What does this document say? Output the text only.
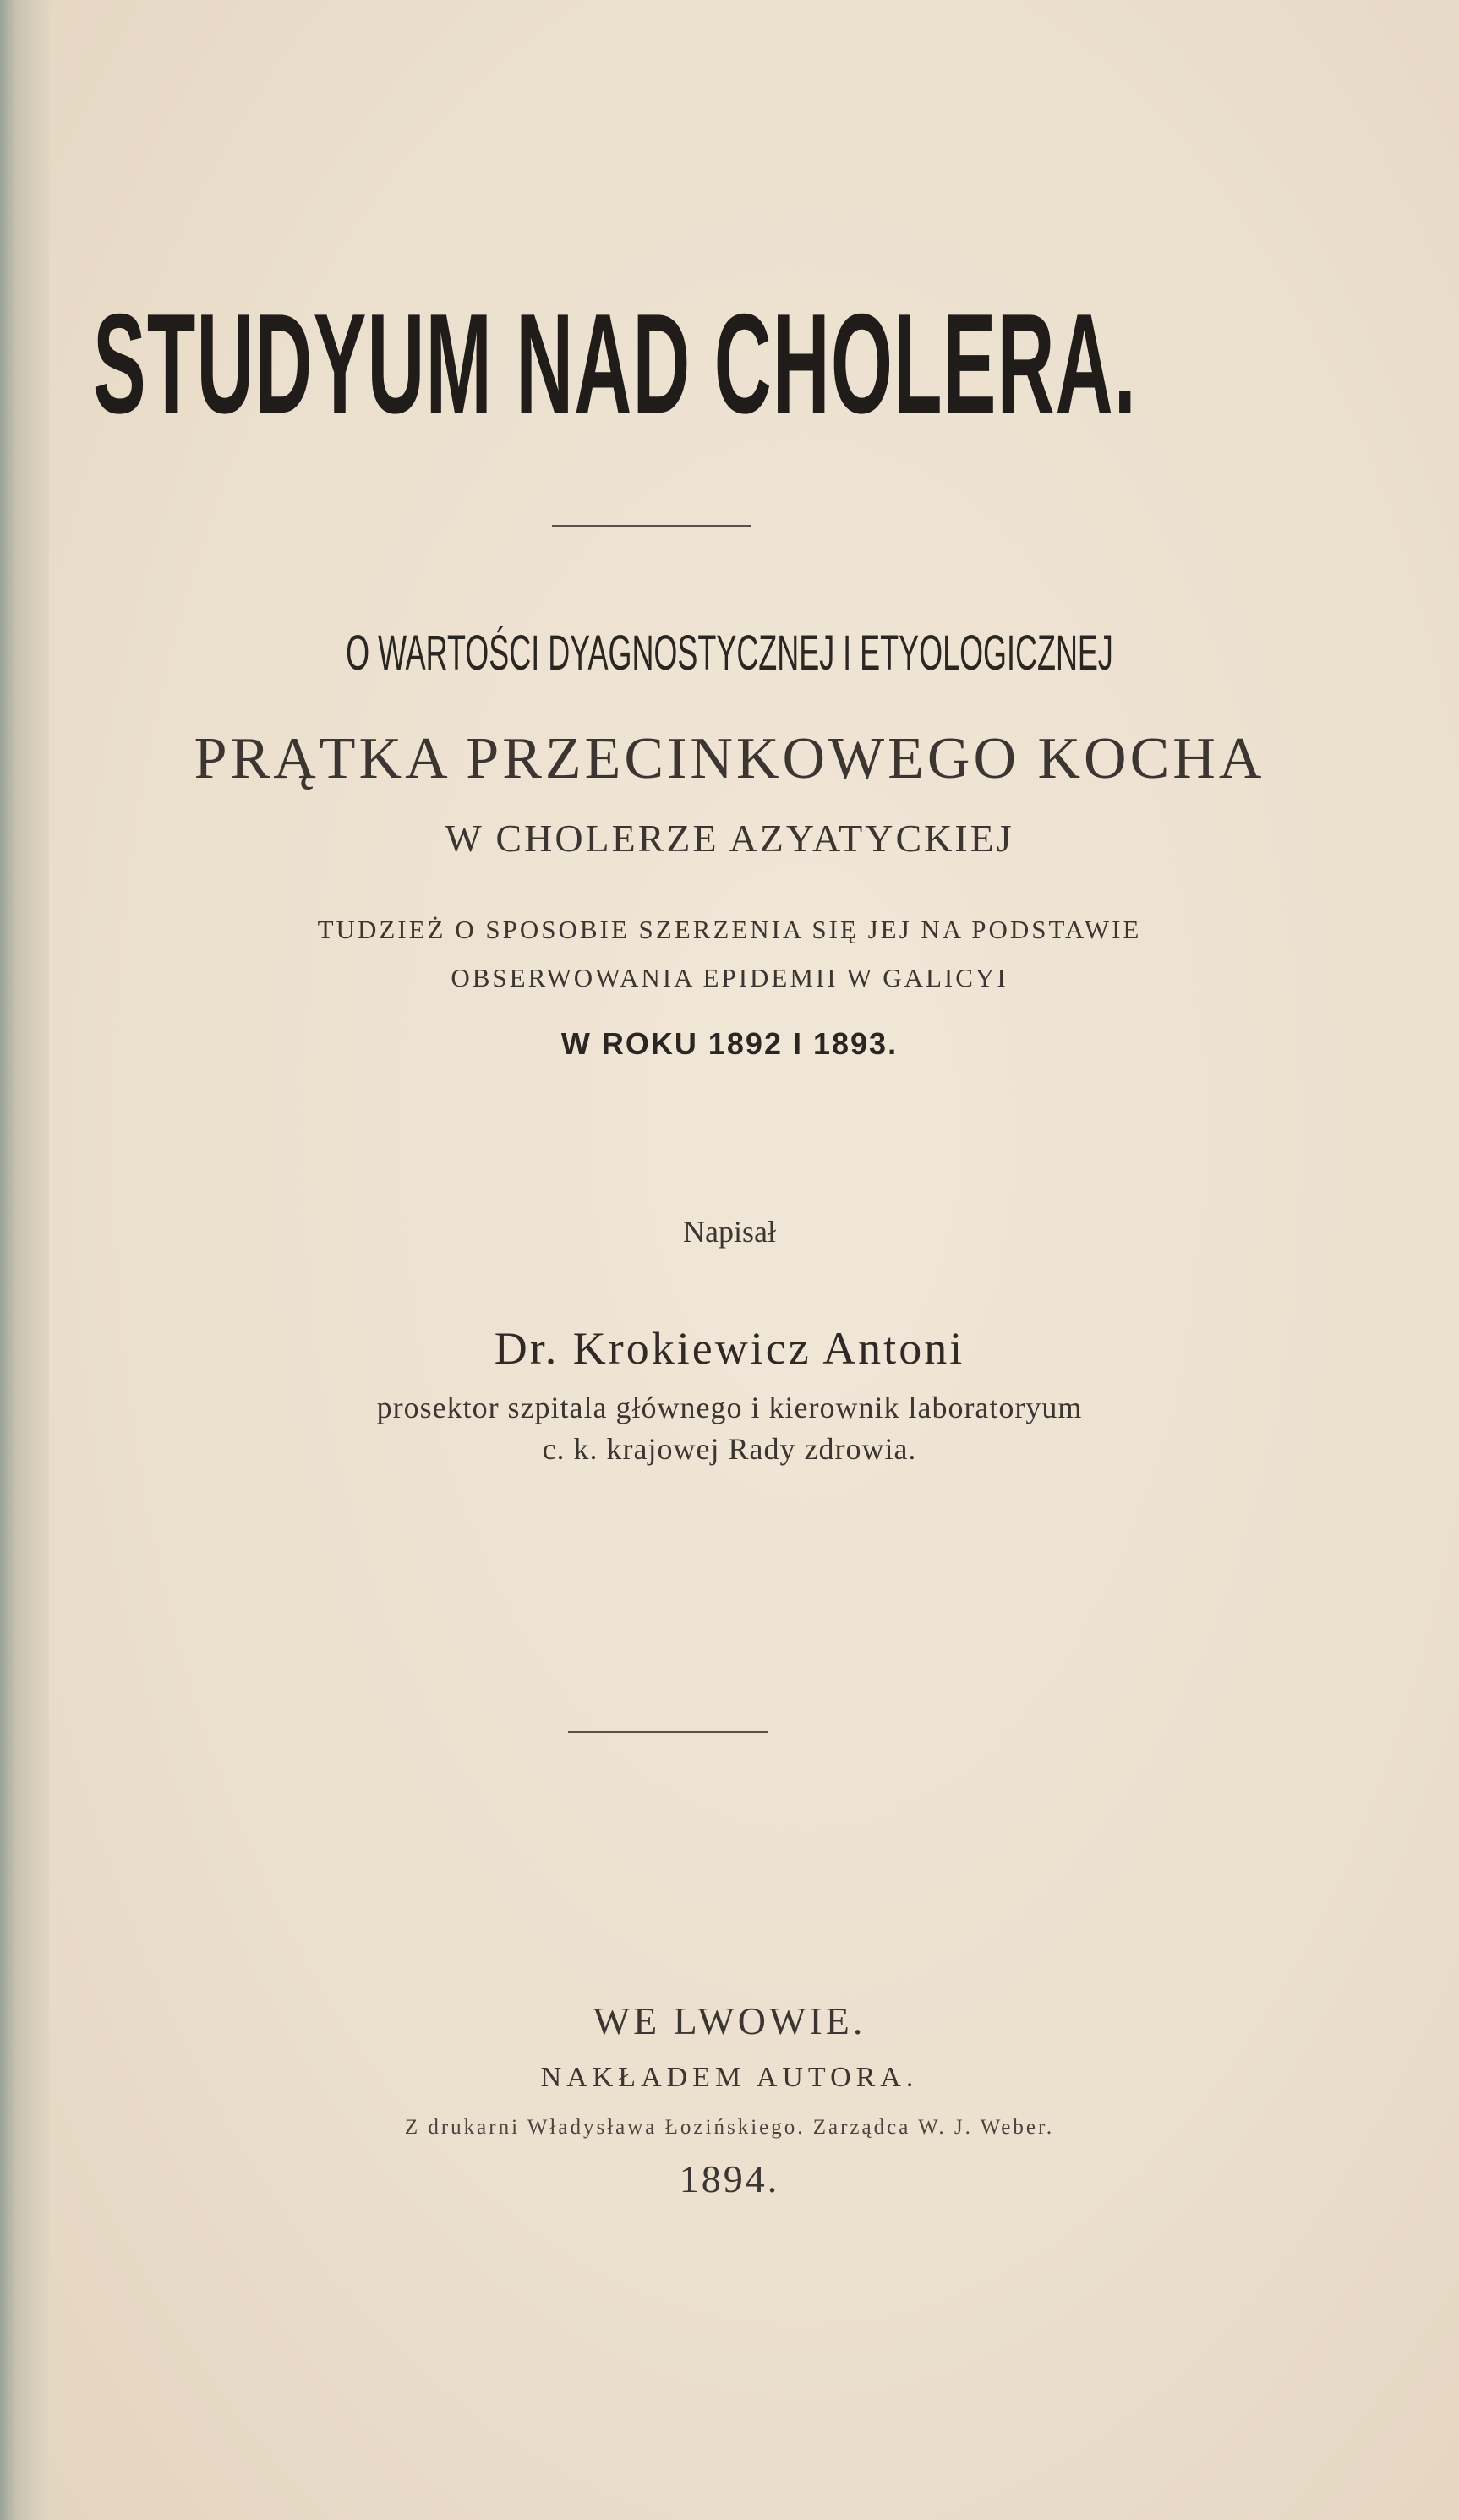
STUDYUM NAD CHOLERA.
O WARTOŚCI DYAGNOSTYCZNEJ I ETYOLOGICZNEJ
PRĄTKA PRZECINKOWEGO KOCHA
W CHOLERZE AZYATYCKIEJ
TUDZIEŻ O SPOSOBIE SZERZENIA SIĘ JEJ NA PODSTAWIE
OBSERWOWANIA EPIDEMII W GALICYI
W ROKU 1892 I 1893.
Napisał
Dr. Krokiewicz Antoni
prosektor szpitala głównego i kierownik laboratoryum
c. k. krajowej Rady zdrowia.
WE LWOWIE.
NAKŁADEM AUTORA.
Z drukarni Władysława Łozińskiego. Zarządca W. J. Weber.
1894.
